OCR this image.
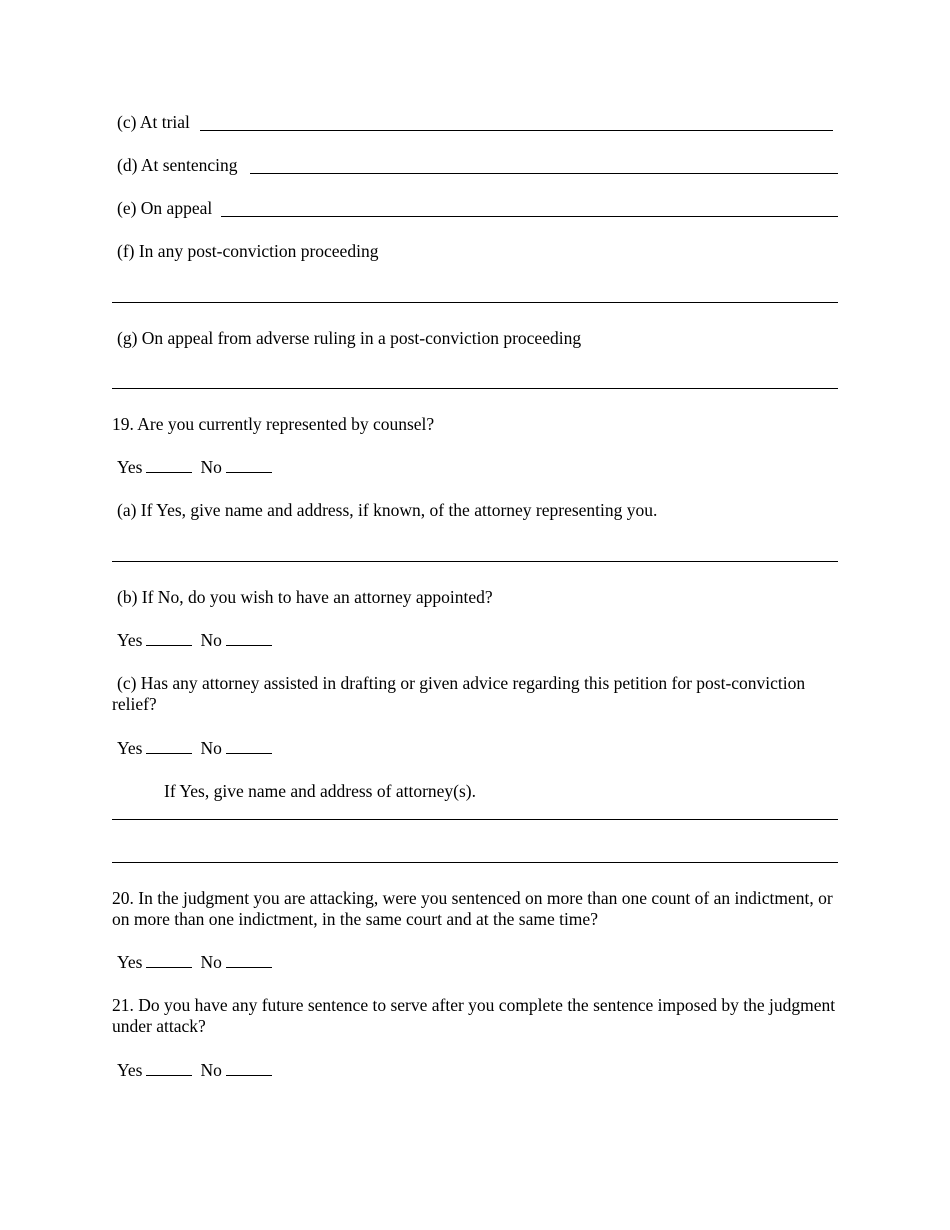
(c) At trial
(d) At sentencing
(e) On appeal
(f) In any post-conviction proceeding
(g) On appeal from adverse ruling in a post-conviction proceeding
19. Are you currently represented by counsel?
Yes	No
(a) If Yes, give name and address, if known, of the attorney representing you.
(b) If No, do you wish to have an attorney appointed?
Yes	No
(c) Has any attorney assisted in drafting or given advice regarding this petition for post-conviction relief?
Yes	No
If Yes, give name and address of attorney(s).
20. In the judgment you are attacking, were you sentenced on more than one count of an indictment, or on more than one indictment, in the same court and at the same time?
Yes	No
21. Do you have any future sentence to serve after you complete the sentence imposed by the judgment under attack?
Yes	No
